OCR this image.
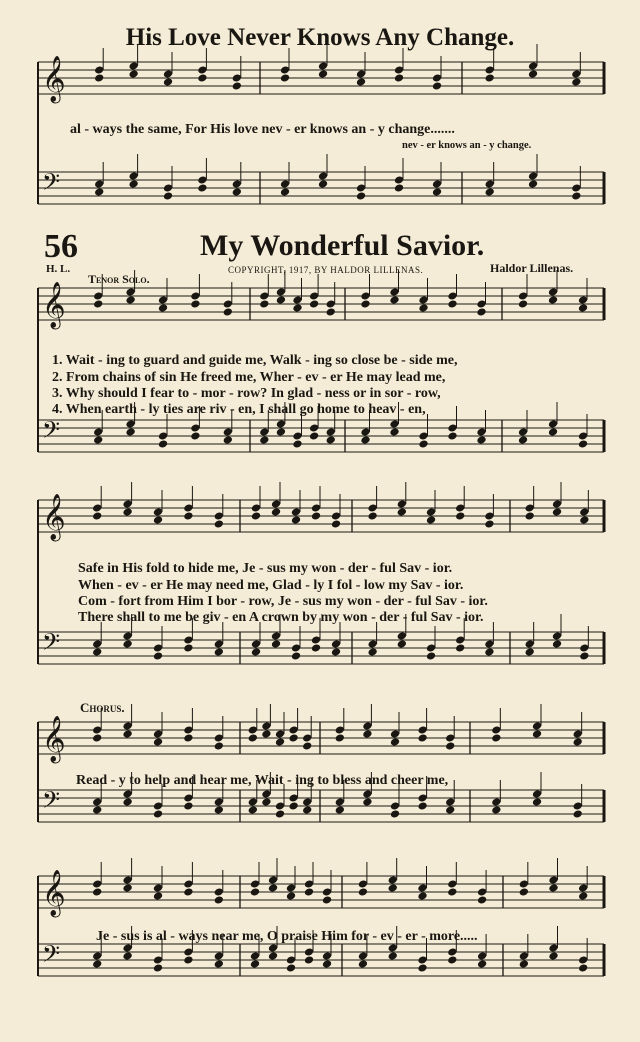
𝄞
𝄢
𝄞
𝄢
𝄞
𝄢
𝄞
𝄢
𝄞
𝄢
His Love Never Knows Any Change.
al - ways the same, For His love nev - er knows an - y change.......
nev - er knows an - y change.
56	My Wonderful Savior.
H. L.	COPYRIGHT, 1917, BY HALDOR LILLENAS.	Haldor Lillenas.
Tenor Solo.
1. Wait - ing to guard and guide me, Walk - ing so close be - side me,
2. From chains of sin He freed me, Wher - ev - er He may lead me,
3. Why should I fear to - mor - row? In glad - ness or in sor - row,
4. When earth - ly ties are riv - en, I shall go home to heav - en,
Safe in His fold to hide me, Je - sus my won - der - ful Sav - ior.
When - ev - er He may need me, Glad - ly I fol - low my Sav - ior.
Com - fort from Him I bor - row, Je - sus my won - der - ful Sav - ior.
There shall to me be giv - en A crown by my won - der - ful Sav - ior.
Chorus.
Read - y to help and hear me, Wait - ing to bless and cheer me,
Je - sus is al - ways near me, O praise Him for - ev - er - more.....
